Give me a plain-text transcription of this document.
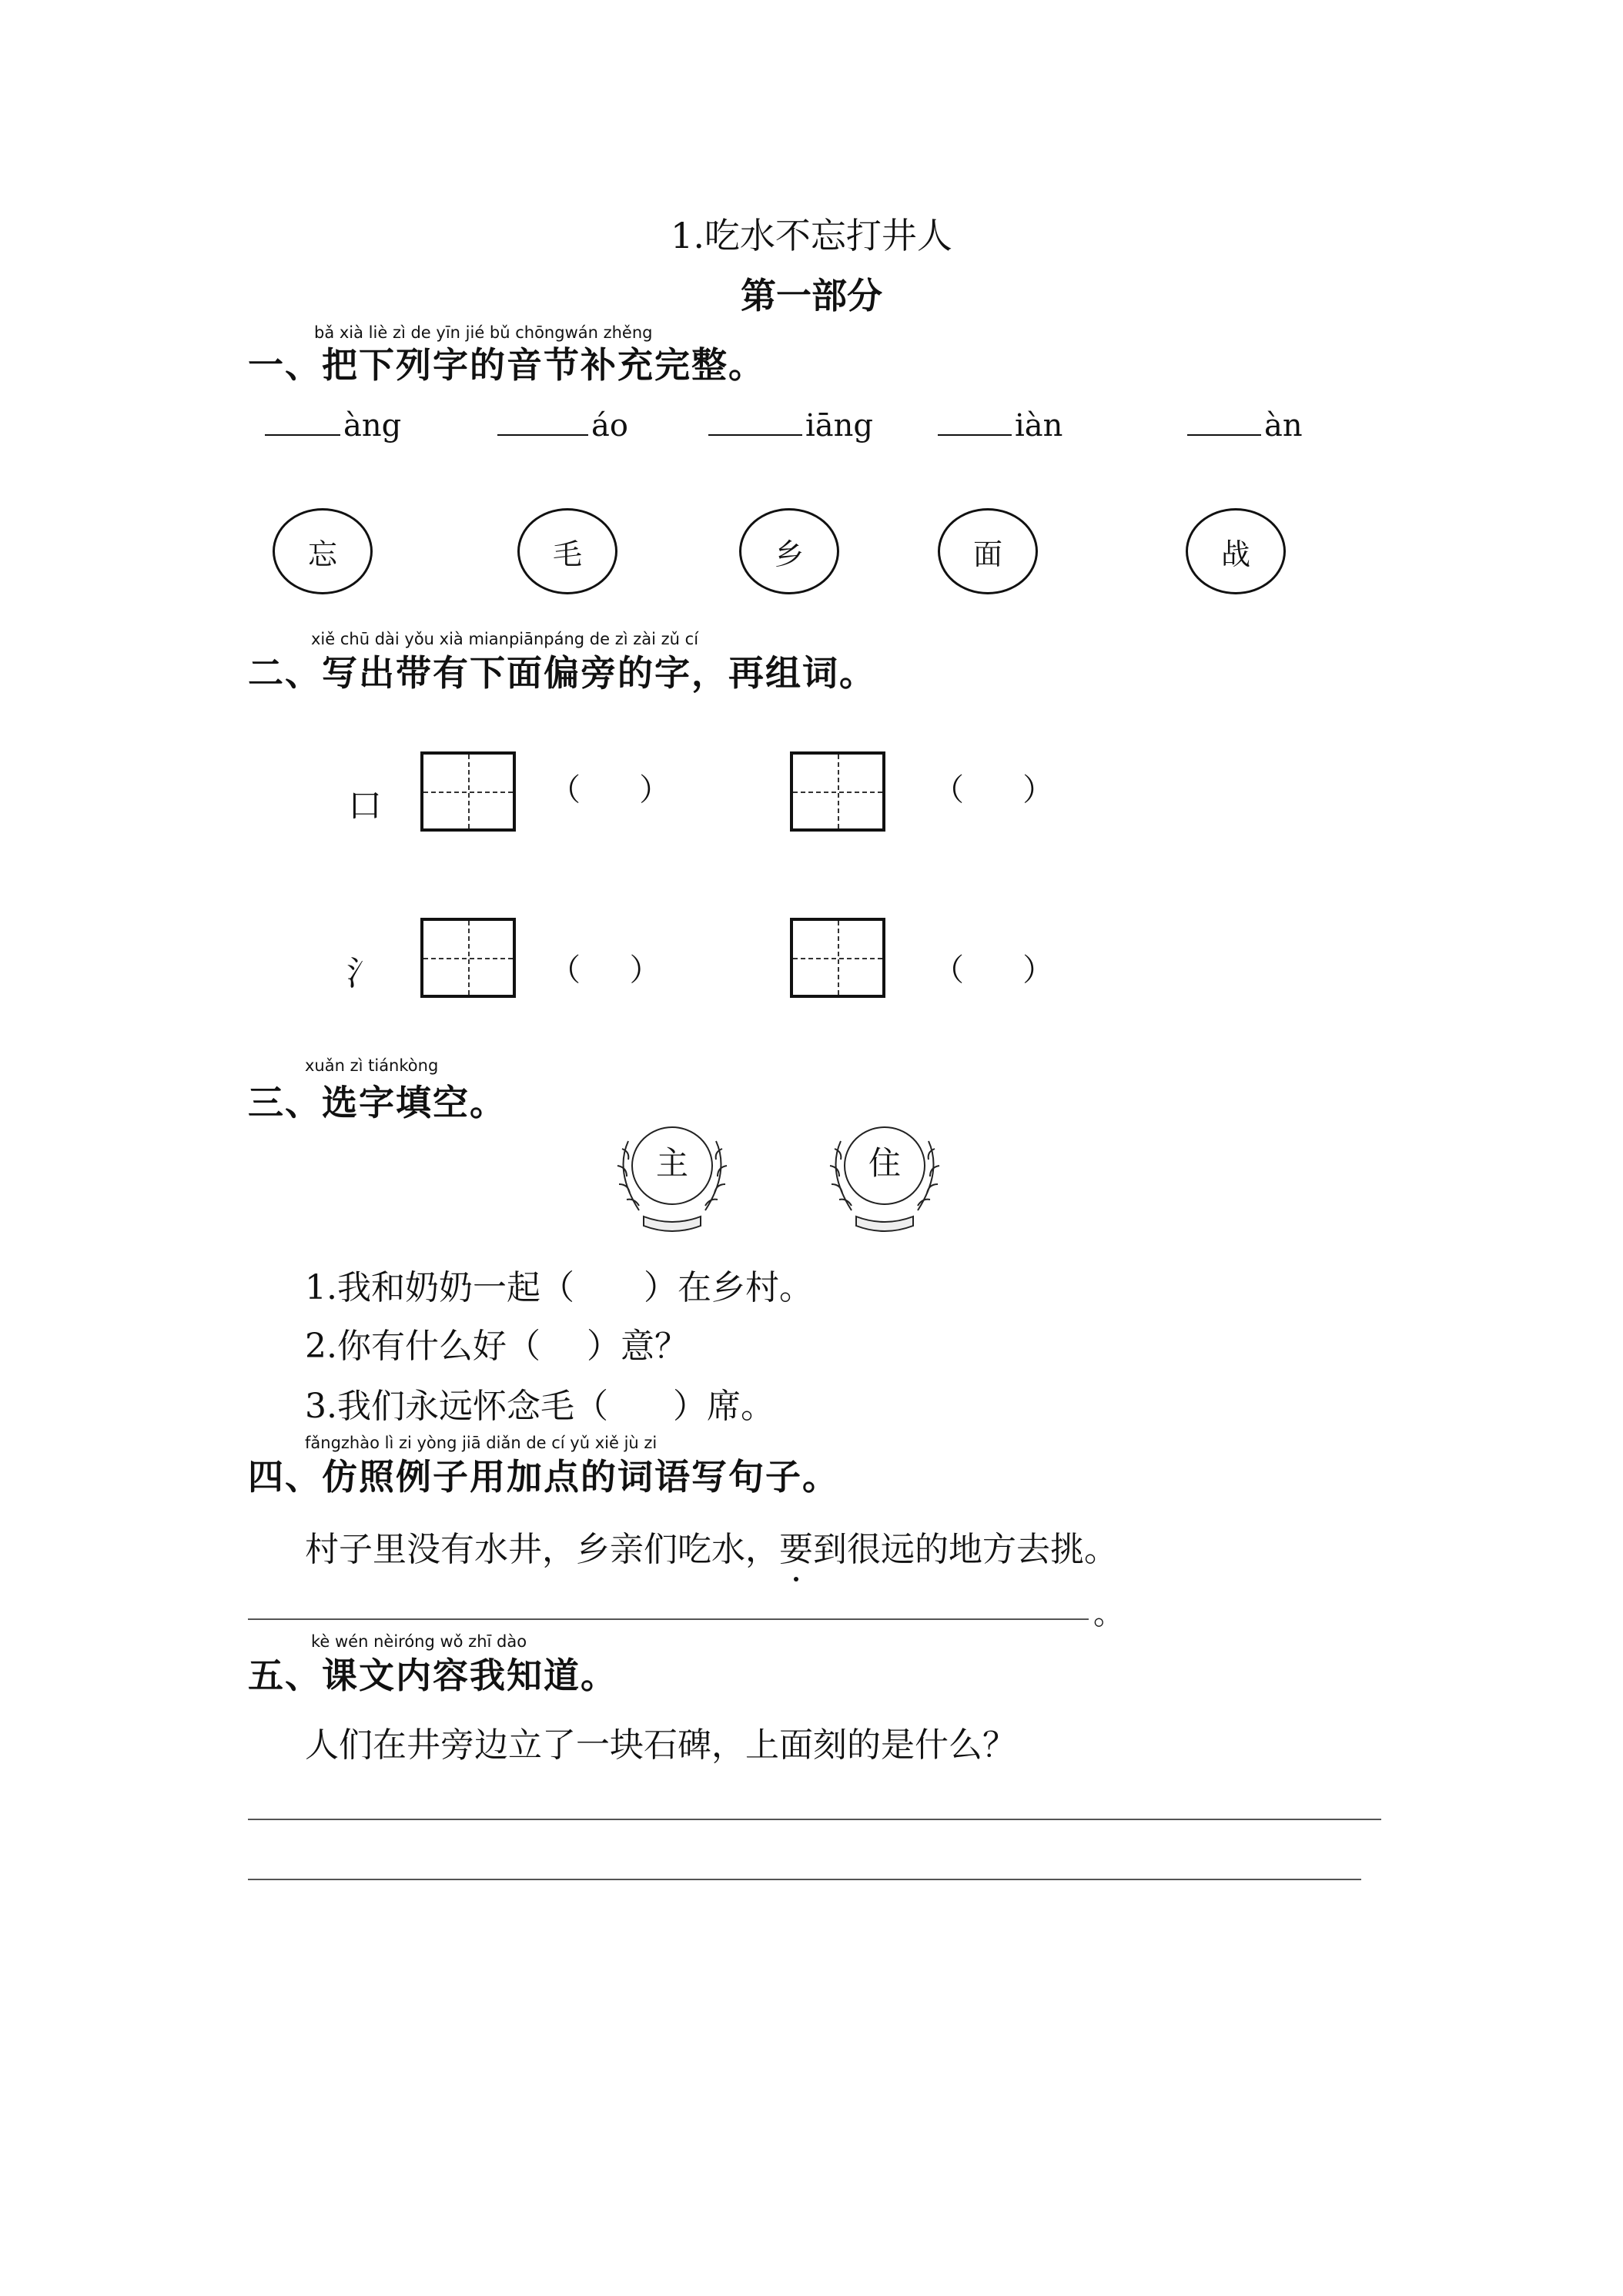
1.吃水不忘打井人
第一部分
bǎ xià liè zì de yīn jié bǔ chōngwán zhěng
一、把下列字的音节补充完整。
àng	áo	iāng	iàn	àn
忘	毛	乡	面	战
xiě chū dài yǒu xià mianpiānpáng de zì zài zǔ cí
二、写出带有下面偏旁的字，再组词。
口	（ ）	（ ）
氵	（ ）	（ ）
xuǎn zì tiánkòng
三、选字填空。
主	住
1.我和奶奶一起（ ）在乡村。
2.你有什么好（ ）意？
3.我们永远怀念毛（ ）席。
fǎngzhào lì zi yòng jiā diǎn de cí yǔ xiě jù zi
四、仿照例子用加点的词语写句子。
村子里没有水井，乡亲们吃水，要到很远的地方去挑。
。
kè wén nèiróng wǒ zhī dào
五、课文内容我知道。
人们在井旁边立了一块石碑，上面刻的是什么？
